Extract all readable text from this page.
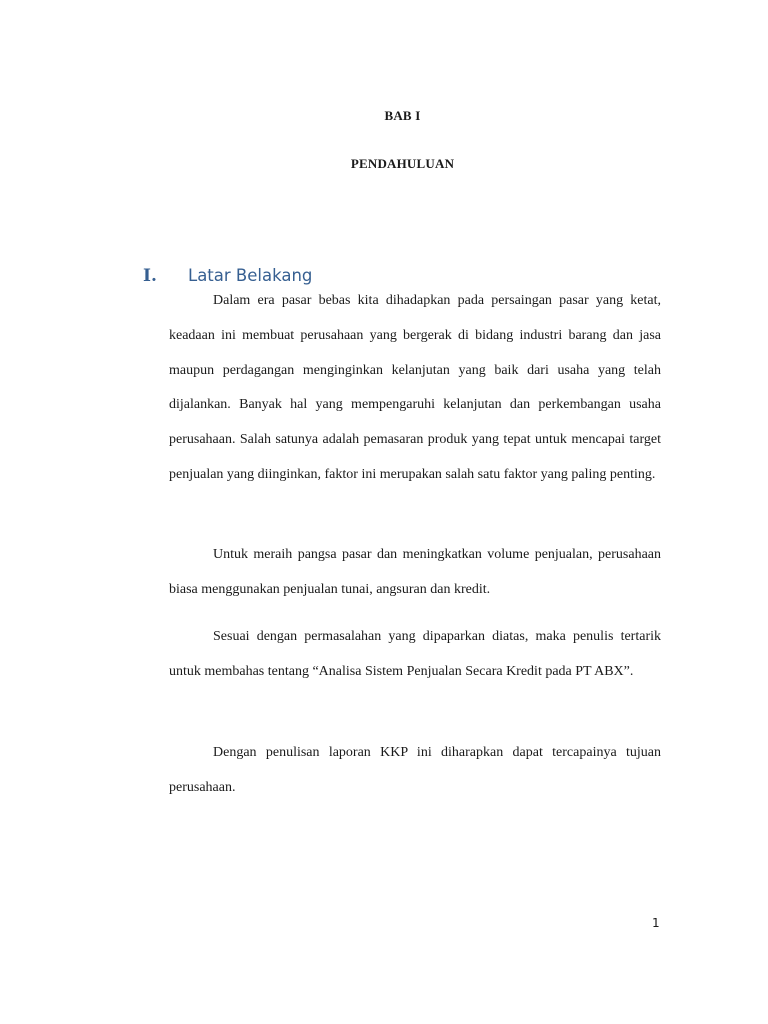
BAB I
PENDAHULUAN
I.	Latar Belakang

Dalam era pasar bebas kita dihadapkan pada persaingan pasar yang ketat, keadaan ini membuat perusahaan yang bergerak di bidang industri barang dan jasa maupun perdagangan menginginkan kelanjutan yang baik dari usaha yang telah dijalankan. Banyak hal yang mempengaruhi kelanjutan dan perkembangan usaha perusahaan. Salah satunya adalah pemasaran produk yang tepat untuk mencapai target penjualan yang diinginkan, faktor ini merupakan salah satu faktor yang paling penting.

Untuk meraih pangsa pasar dan meningkatkan volume penjualan, perusahaan biasa menggunakan penjualan tunai, angsuran dan kredit.

Sesuai dengan permasalahan yang dipaparkan diatas, maka penulis tertarik untuk membahas tentang “Analisa Sistem Penjualan Secara Kredit pada PT ABX”.

Dengan penulisan laporan KKP ini diharapkan dapat tercapainya tujuan perusahaan.

1
